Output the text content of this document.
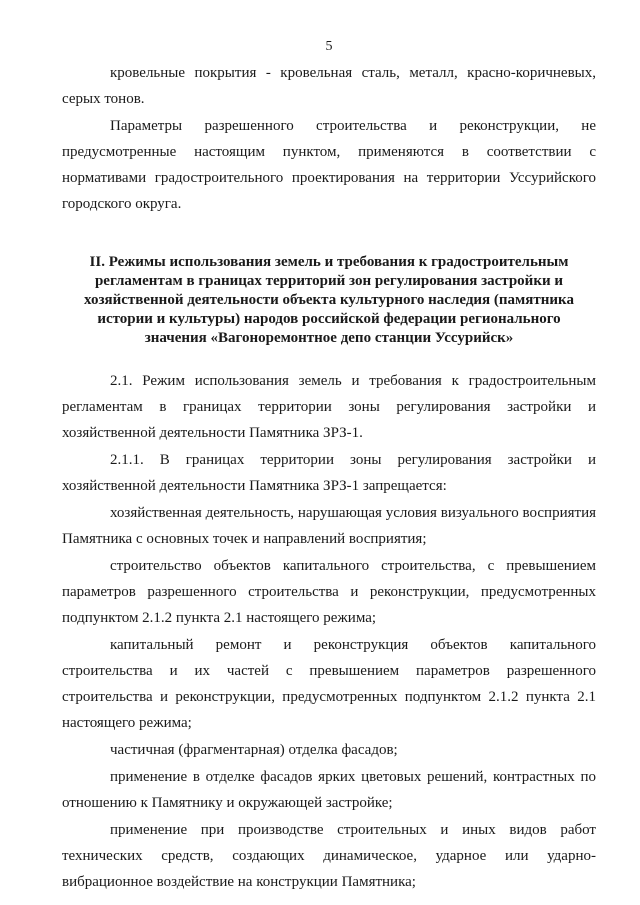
5

кровельные покрытия - кровельная сталь, металл, красно-коричневых, серых тонов.

Параметры разрешенного строительства и реконструкции, не предусмотренные настоящим пунктом, применяются в соответствии с нормативами градостроительного проектирования на территории Уссурийского городского округа.

II. Режимы использования земель и требования к градостроительным регламентам в границах территорий зон регулирования застройки и хозяйственной деятельности объекта культурного наследия (памятника истории и культуры) народов российской федерации регионального значения «Вагоноремонтное депо станции Уссурийск»

2.1. Режим использования земель и требования к градостроительным регламентам в границах территории зоны регулирования застройки и хозяйственной деятельности Памятника ЗРЗ-1.

2.1.1. В границах территории зоны регулирования застройки и хозяйственной деятельности Памятника ЗРЗ-1 запрещается:

хозяйственная деятельность, нарушающая условия визуального восприятия Памятника с основных точек и направлений восприятия;

строительство объектов капитального строительства, с превышением параметров разрешенного строительства и реконструкции, предусмотренных подпунктом 2.1.2 пункта 2.1 настоящего режима;

капитальный ремонт и реконструкция объектов капитального строительства и их частей с превышением параметров разрешенного строительства и реконструкции, предусмотренных подпунктом 2.1.2 пункта 2.1 настоящего режима;

частичная (фрагментарная) отделка фасадов;

применение в отделке фасадов ярких цветовых решений, контрастных по отношению к Памятнику и окружающей застройке;

применение при производстве строительных и иных видов работ технических средств, создающих динамическое, ударное или ударно-вибрационное воздействие на конструкции Памятника;
